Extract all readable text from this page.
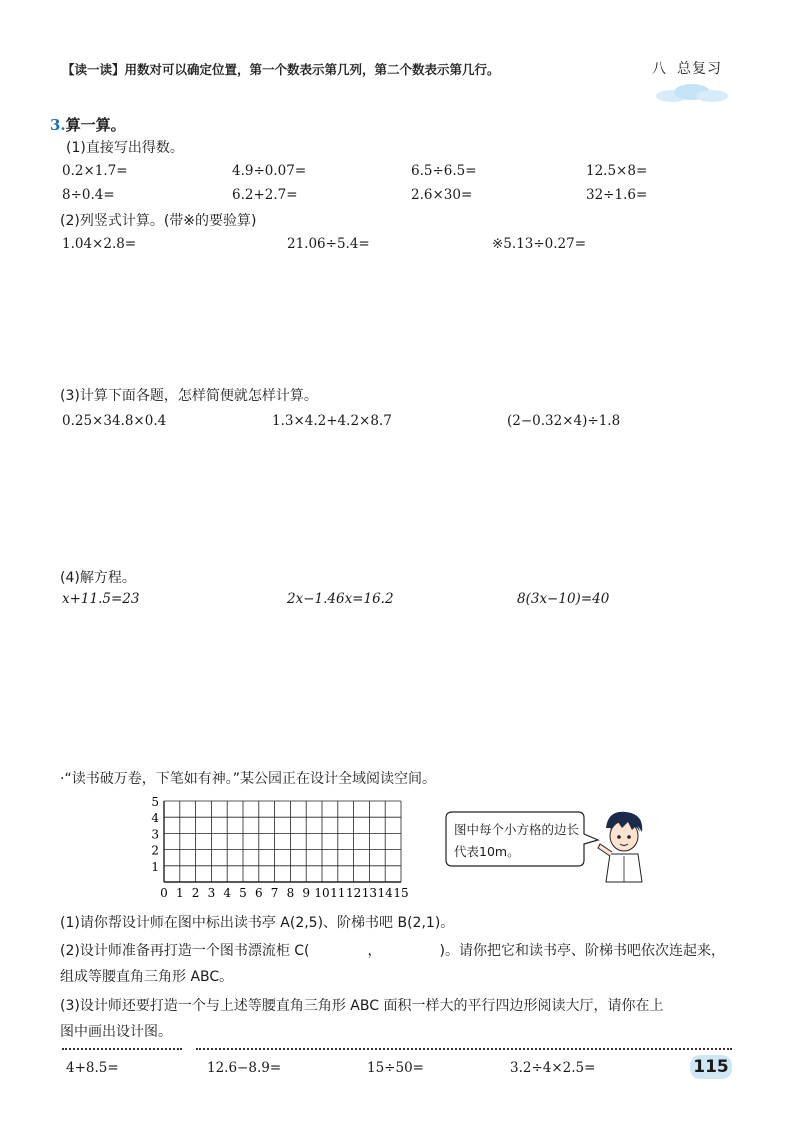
【读一读】用数对可以确定位置，第一个数表示第几列，第二个数表示第几行。	八 总复习
3.算一算。
(1)直接写出得数。
0.2×1.7=	4.9÷0.07=	6.5÷6.5=	12.5×8=
8÷0.4=	6.2+2.7=	2.6×30=	32÷1.6=
(2)列竖式计算。(带※的要验算)
1.04×2.8=	21.06÷5.4=	※5.13÷0.27=
(3)计算下面各题，怎样简便就怎样计算。
0.25×34.8×0.4	1.3×4.2+4.2×8.7	(2−0.32×4)÷1.8
(4)解方程。
x+11.5=23	2x−1.46x=16.2	8(3x−10)=40
·“读书破万卷，下笔如有神。”某公园正在设计全域阅读空间。
1
2
3
4
5
0 1 2 3 4 5 6 7 8 9 10 11 12 13 14 15
图中每个小方格的边长
代表10m。
(1)请你帮设计师在图中标出读书亭 A(2,5)、阶梯书吧 B(2,1)。
(2)设计师准备再打造一个图书漂流柜 C(	，	)。请你把它和读书亭、阶梯书吧依次连起来，
组成等腰直角三角形 ABC。
(3)设计师还要打造一个与上述等腰直角三角形 ABC 面积一样大的平行四边形阅读大厅，请你在上
图中画出设计图。
4+8.5=	12.6−8.9=	15÷50=	3.2÷4×2.5=	115
